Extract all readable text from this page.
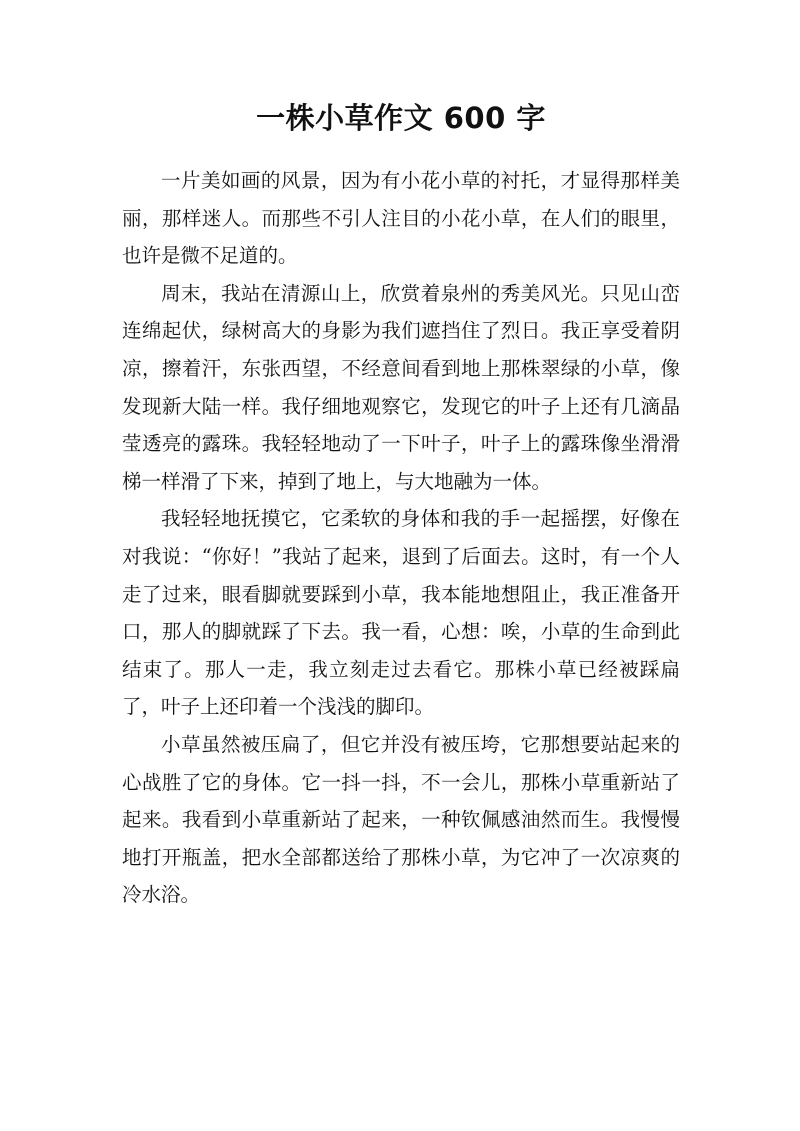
一株小草作文 600 字

一片美如画的风景，因为有小花小草的衬托，才显得那样美丽，那样迷人。而那些不引人注目的小花小草，在人们的眼里，也许是微不足道的。

周末，我站在清源山上，欣赏着泉州的秀美风光。只见山峦连绵起伏，绿树高大的身影为我们遮挡住了烈日。我正享受着阴凉，擦着汗，东张西望，不经意间看到地上那株翠绿的小草，像发现新大陆一样。我仔细地观察它，发现它的叶子上还有几滴晶莹透亮的露珠。我轻轻地动了一下叶子，叶子上的露珠像坐滑滑梯一样滑了下来，掉到了地上，与大地融为一体。

我轻轻地抚摸它，它柔软的身体和我的手一起摇摆，好像在对我说：“你好！”我站了起来，退到了后面去。这时，有一个人走了过来，眼看脚就要踩到小草，我本能地想阻止，我正准备开口，那人的脚就踩了下去。我一看，心想：唉，小草的生命到此结束了。那人一走，我立刻走过去看它。那株小草已经被踩扁了，叶子上还印着一个浅浅的脚印。

小草虽然被压扁了，但它并没有被压垮，它那想要站起来的心战胜了它的身体。它一抖一抖，不一会儿，那株小草重新站了起来。我看到小草重新站了起来，一种钦佩感油然而生。我慢慢地打开瓶盖，把水全部都送给了那株小草，为它冲了一次凉爽的冷水浴。
